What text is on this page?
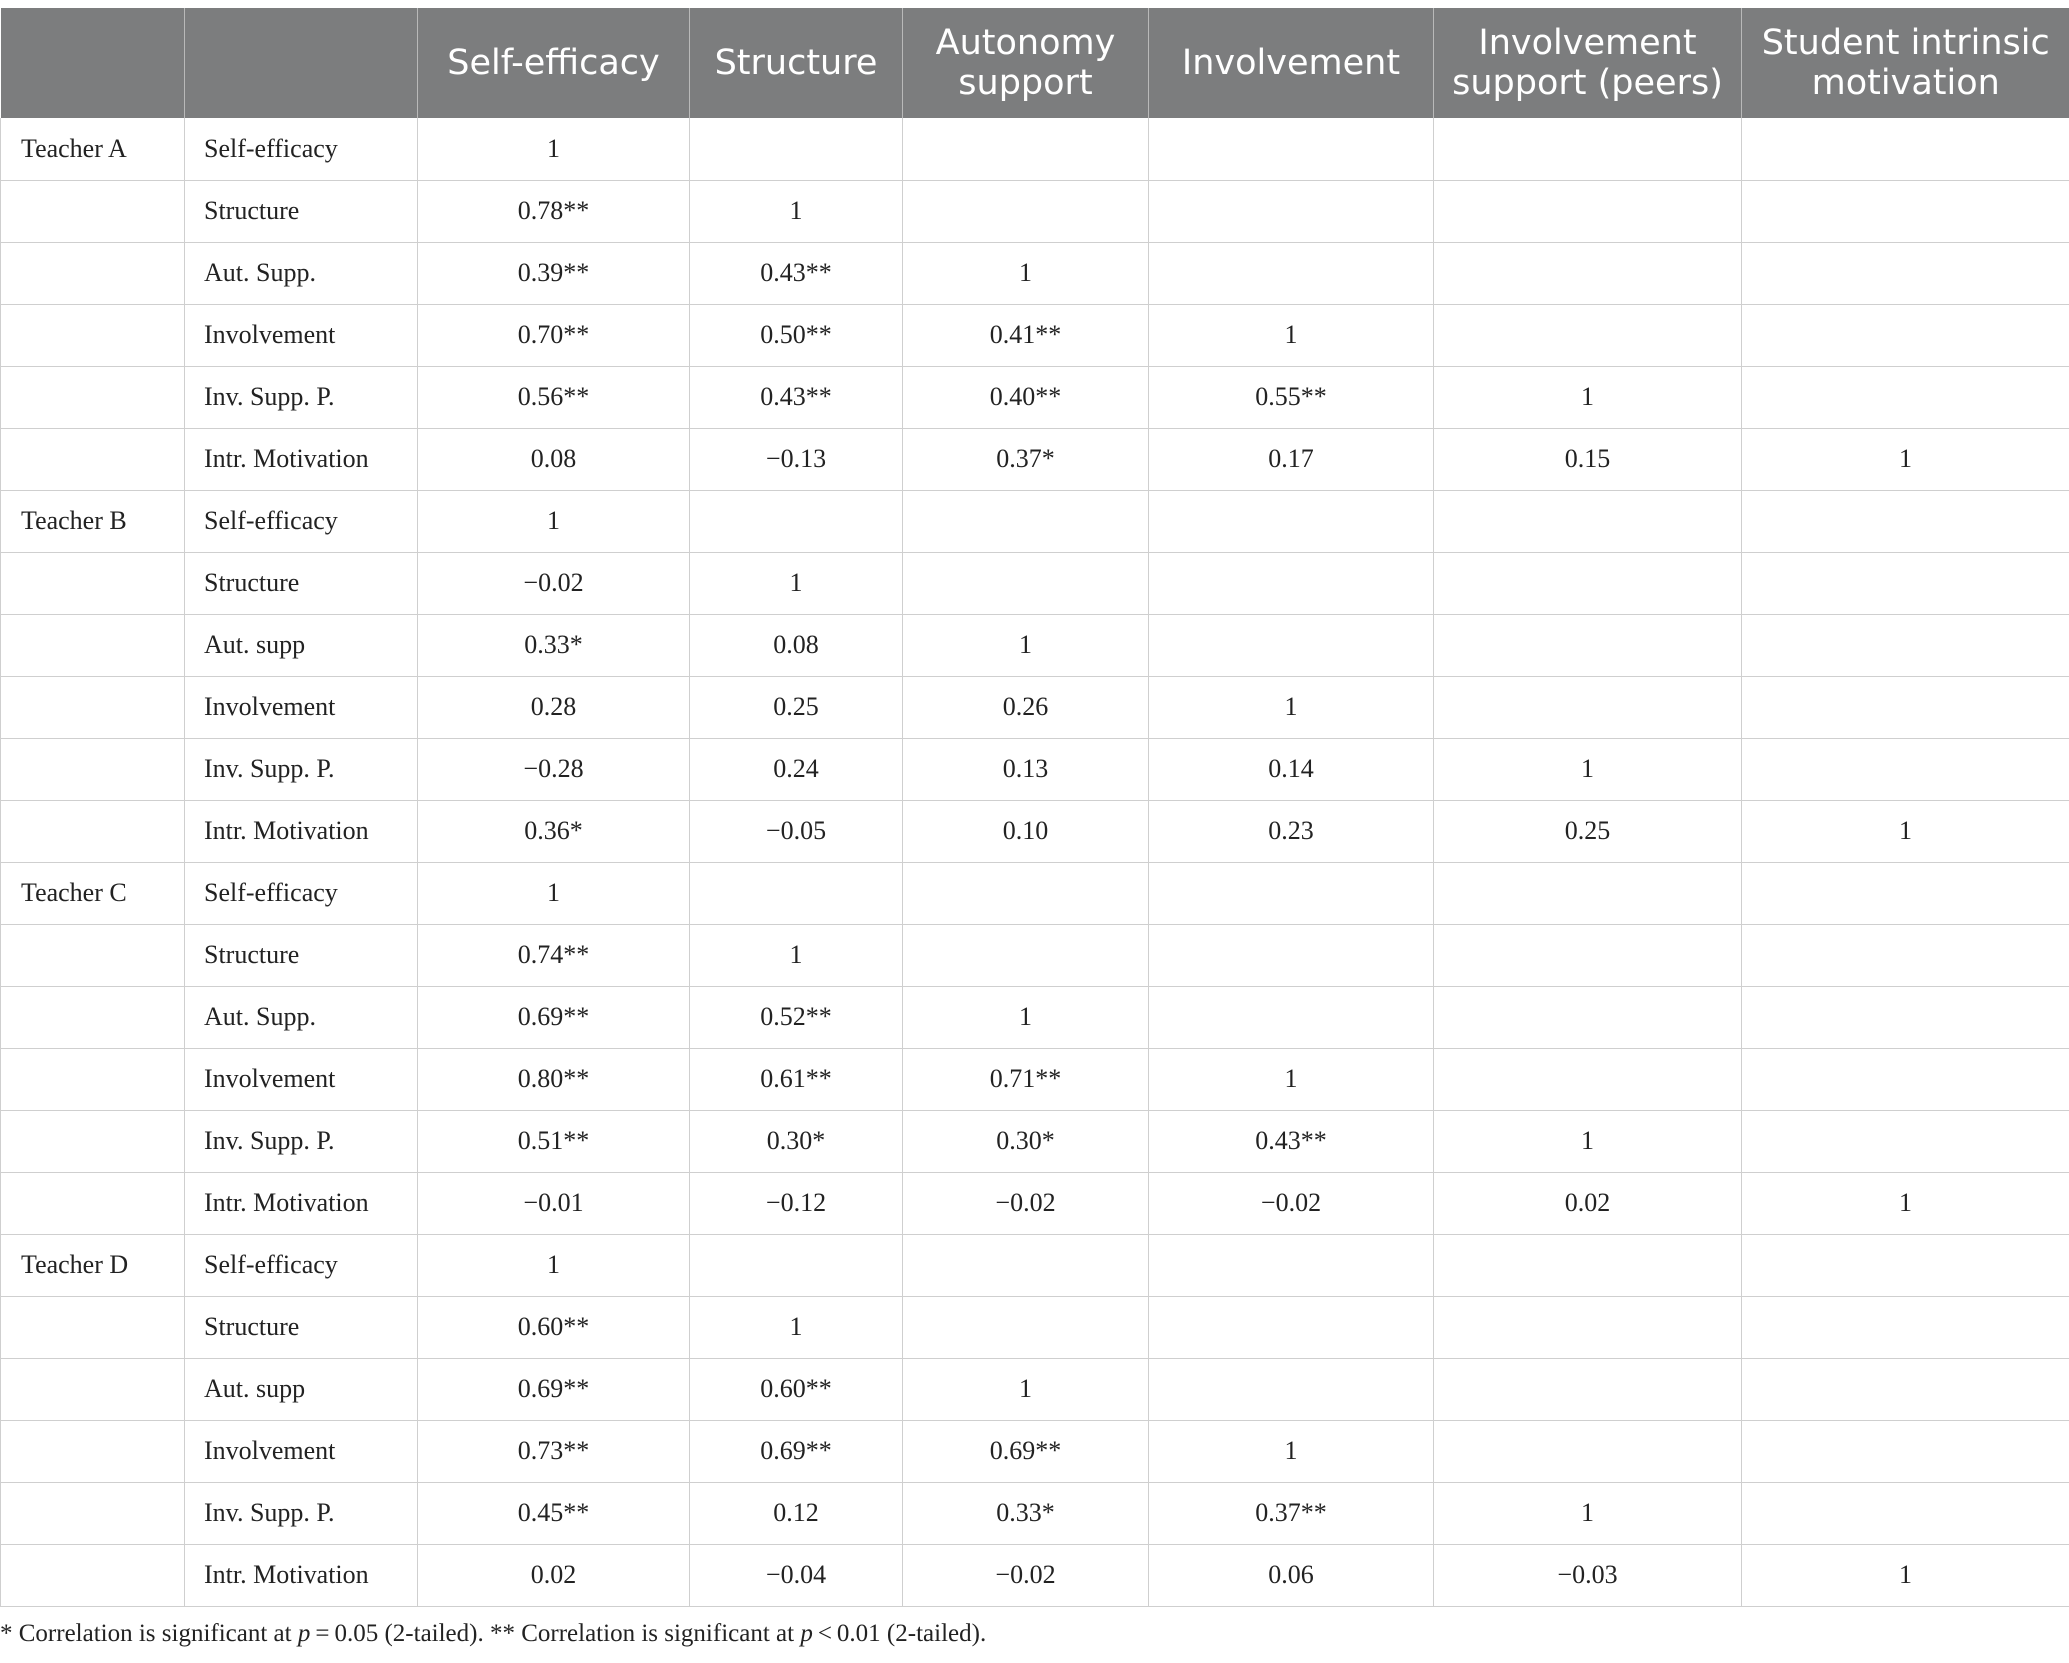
		Self-efficacy	Structure	Autonomy support	Involvement	Involvement support (peers)	Student intrinsic motivation
Teacher A	Self-efficacy	1					
	Structure	0.78**	1				
	Aut. Supp.	0.39**	0.43**	1			
	Involvement	0.70**	0.50**	0.41**	1		
	Inv. Supp. P.	0.56**	0.43**	0.40**	0.55**	1	
	Intr. Motivation	0.08	−0.13	0.37*	0.17	0.15	1
Teacher B	Self-efficacy	1					
	Structure	−0.02	1				
	Aut. supp	0.33*	0.08	1			
	Involvement	0.28	0.25	0.26	1		
	Inv. Supp. P.	−0.28	0.24	0.13	0.14	1	
	Intr. Motivation	0.36*	−0.05	0.10	0.23	0.25	1
Teacher C	Self-efficacy	1					
	Structure	0.74**	1				
	Aut. Supp.	0.69**	0.52**	1			
	Involvement	0.80**	0.61**	0.71**	1		
	Inv. Supp. P.	0.51**	0.30*	0.30*	0.43**	1	
	Intr. Motivation	−0.01	−0.12	−0.02	−0.02	0.02	1
Teacher D	Self-efficacy	1					
	Structure	0.60**	1				
	Aut. supp	0.69**	0.60**	1			
	Involvement	0.73**	0.69**	0.69**	1		
	Inv. Supp. P.	0.45**	0.12	0.33*	0.37**	1	
	Intr. Motivation	0.02	−0.04	−0.02	0.06	−0.03	1
* Correlation is significant at p = 0.05 (2-tailed). ** Correlation is significant at p < 0.01 (2-tailed).
